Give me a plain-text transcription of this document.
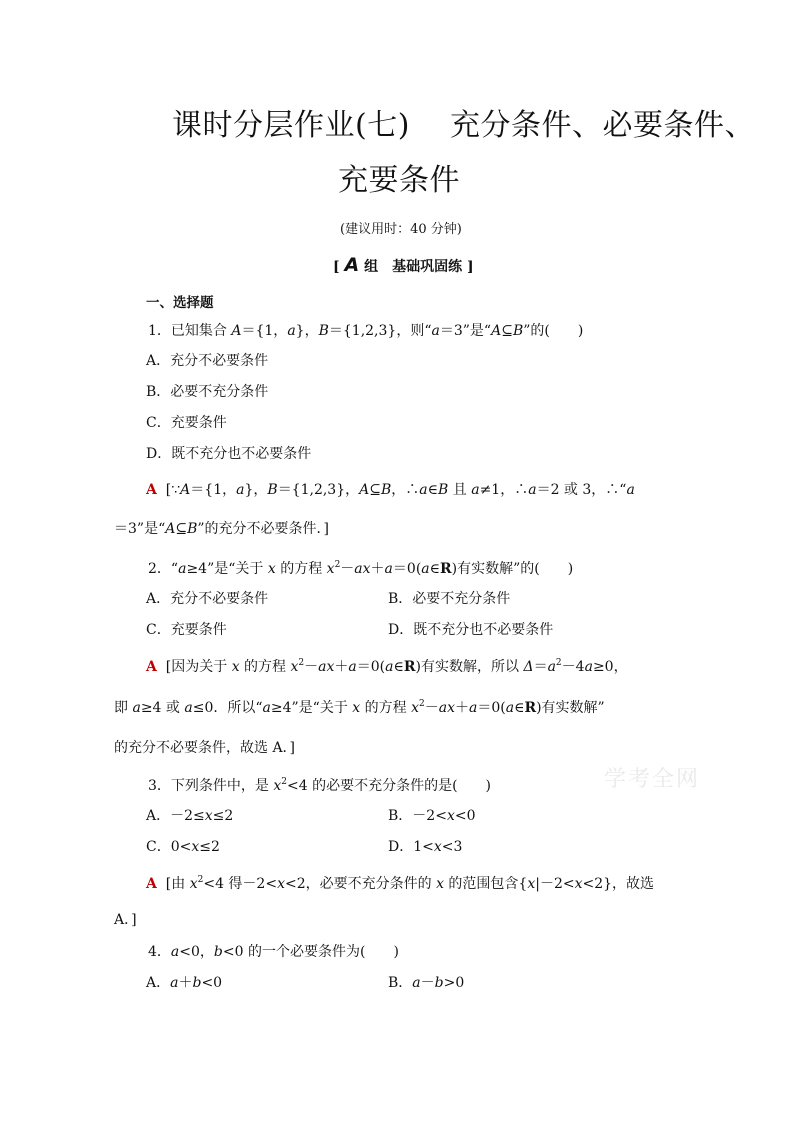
课时分层作业(七) 充分条件、必要条件、
充要条件
(建议用时：40 分钟)
[ A 组　基础巩固练 ]
一、选择题
1．已知集合 A＝{1，a}，B＝{1,2,3}，则“a＝3”是“A⊆B”的(　　)
A．充分不必要条件
B．必要不充分条件
C．充要条件
D．既不充分也不必要条件
A [∵A＝{1，a}，B＝{1,2,3}，A⊆B，∴a∈B 且 a≠1，∴a＝2 或 3，∴“a
＝3”是“A⊆B”的充分不必要条件．]
2．“a≥4”是“关于 x 的方程 $x^2-ax+a=0(a\in R)$有实数解”的(　　)
A．充分不必要条件	B．必要不充分条件
C．充要条件	D．既不充分也不必要条件
A [因为关于 x 的方程 $x^2-ax+a=0(a\in R)$有实数解，所以 $\Delta=a^2-4a\ge 0$，
即 a≥4 或 a≤0．所以“a≥4”是“关于 x 的方程 $x^2-ax+a=0(a\in R)$有实数解”
的充分不必要条件，故选 A．]
3．下列条件中，是 $x^2<4$ 的必要不充分条件的是(　　)
A．－2≤x≤2	B．－2<x<0
C．0<x≤2	D．1<x<3
A [由 $x^2<4$ 得－2<x<2，必要不充分条件的 x 的范围包含{x|－2<x<2}，故选
A．]
4．a<0，b<0 的一个必要条件为(　　)
A．a＋b<0	B．a－b>0
学考全网
